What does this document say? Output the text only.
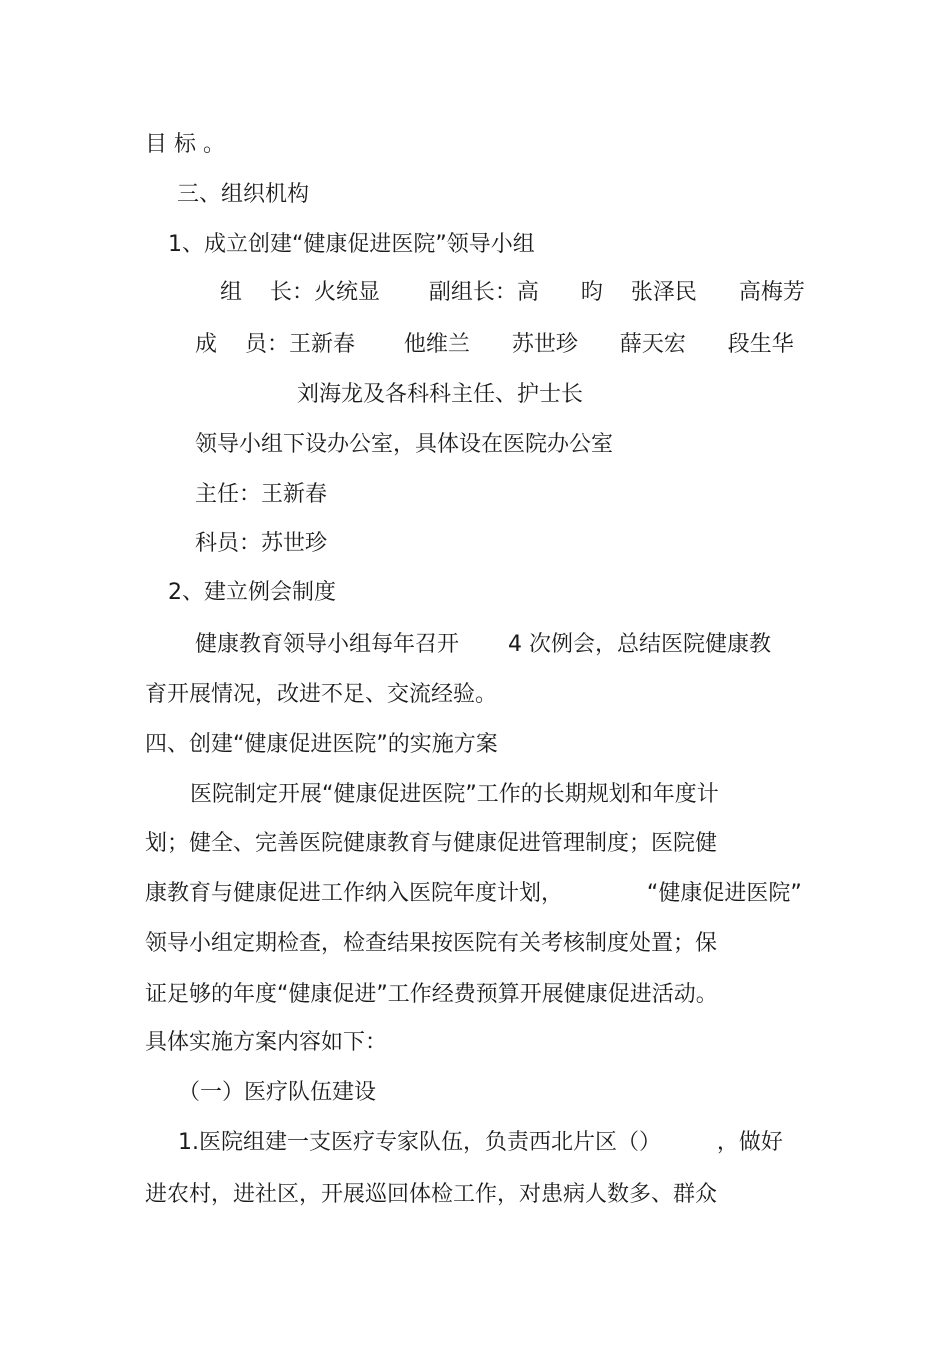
目 标 。
三、组织机构
1、成立创建“健康促进医院”领导小组
组    长：火统显       副组长：高      昀    张泽民      高梅芳
成    员：王新春       他维兰      苏世珍      薛天宏      段生华
刘海龙及各科科主任、护士长
领导小组下设办公室，具体设在医院办公室
主任：王新春
科员：苏世珍
2、建立例会制度
健康教育领导小组每年召开       4 次例会，总结医院健康教
育开展情况，改进不足、交流经验。
四、创建“健康促进医院”的实施方案
医院制定开展“健康促进医院”工作的长期规划和年度计
划；健全、完善医院健康教育与健康促进管理制度；医院健
康教育与健康促进工作纳入医院年度计划，            “健康促进医院”
领导小组定期检查，检查结果按医院有关考核制度处置；保
证足够的年度“健康促进”工作经费预算开展健康促进活动。
具体实施方案内容如下：
（一）医疗队伍建设
1.医院组建一支医疗专家队伍，负责西北片区（）        ，做好
进农村，进社区，开展巡回体检工作，对患病人数多、群众
